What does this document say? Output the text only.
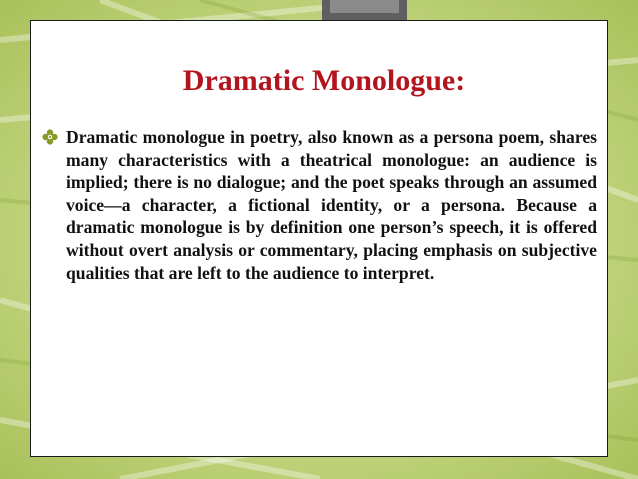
Dramatic Monologue:
Dramatic monologue in poetry, also known as a persona poem, shares many characteristics with a theatrical monologue: an audience is implied; there is no dialogue; and the poet speaks through an assumed voice—a character, a fictional identity, or a persona. Because a dramatic monologue is by definition one person’s speech, it is offered without overt analysis or commentary, placing emphasis on subjective qualities that are left to the audience to interpret.
